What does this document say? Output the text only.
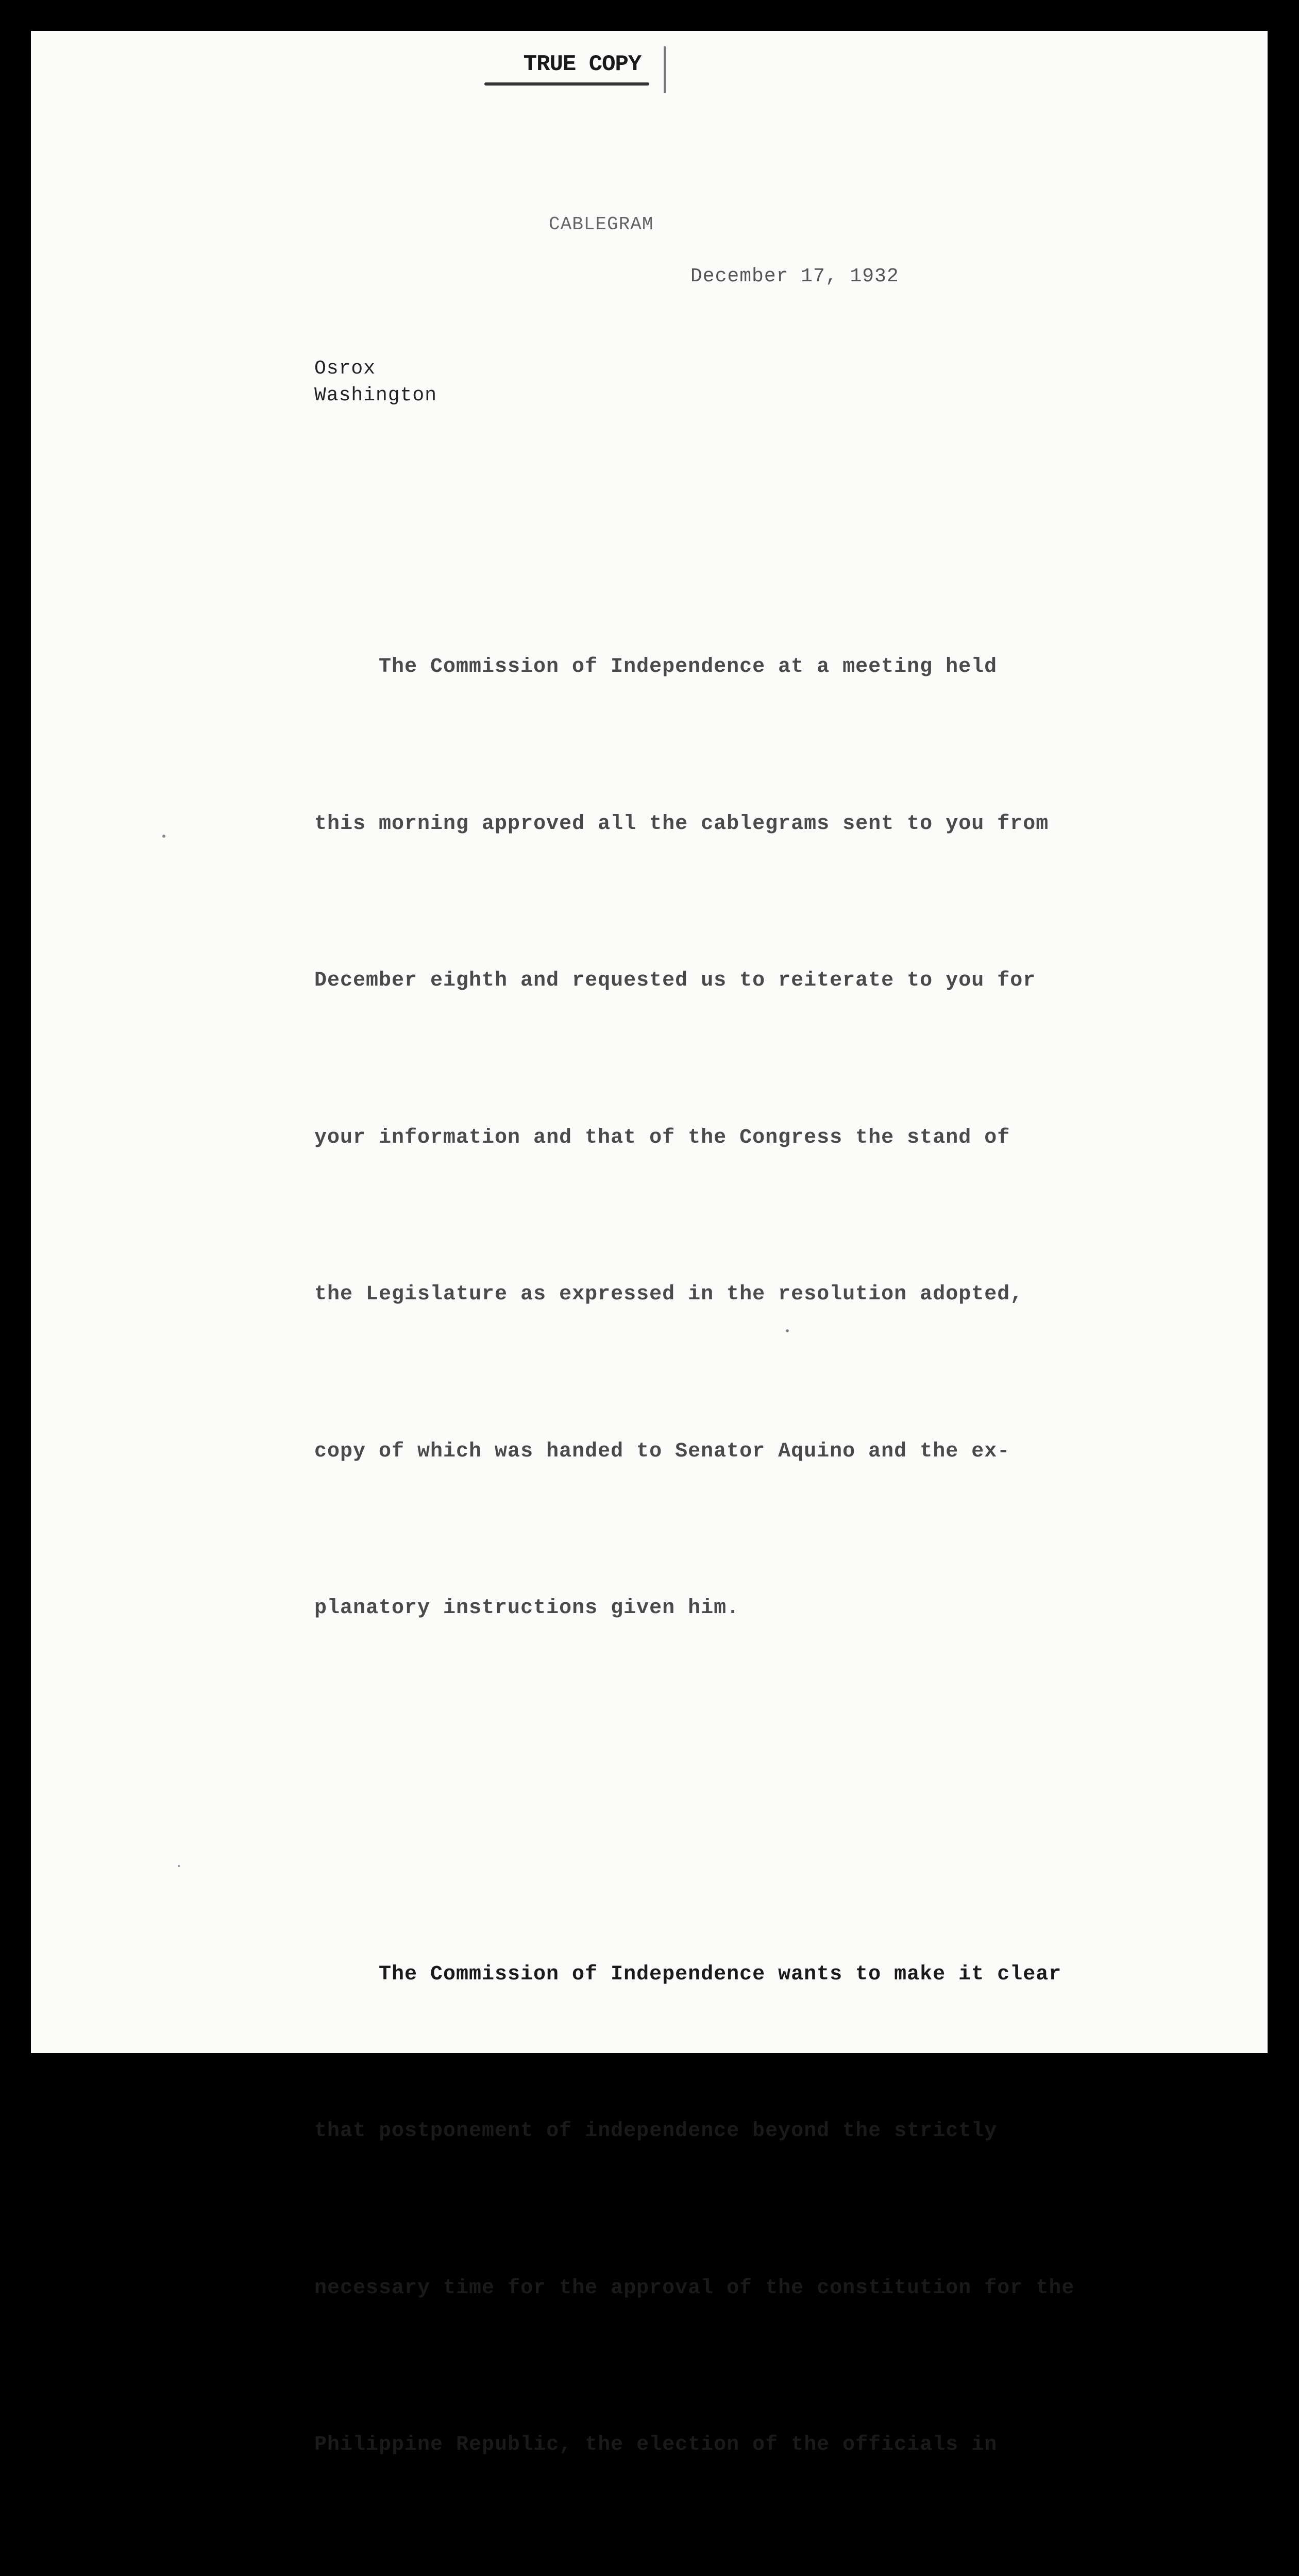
TRUE COPY
CABLEGRAM
December 17, 1932
Osrox
Washington

The Commission of Independence at a meeting held

this morning approved all the cablegrams sent to you from

December eighth and requested us to reiterate to you for

your information and that of the Congress the stand of

the Legislature as expressed in the resolution adopted,

copy of which was handed to Senator Aquino and the ex-

planatory instructions given him.

The Commission of Independence wants to make it clear

that postponement of independence beyond the strictly

necessary time for the approval of the constitution for the

Philippine Republic, the election of the officials in
